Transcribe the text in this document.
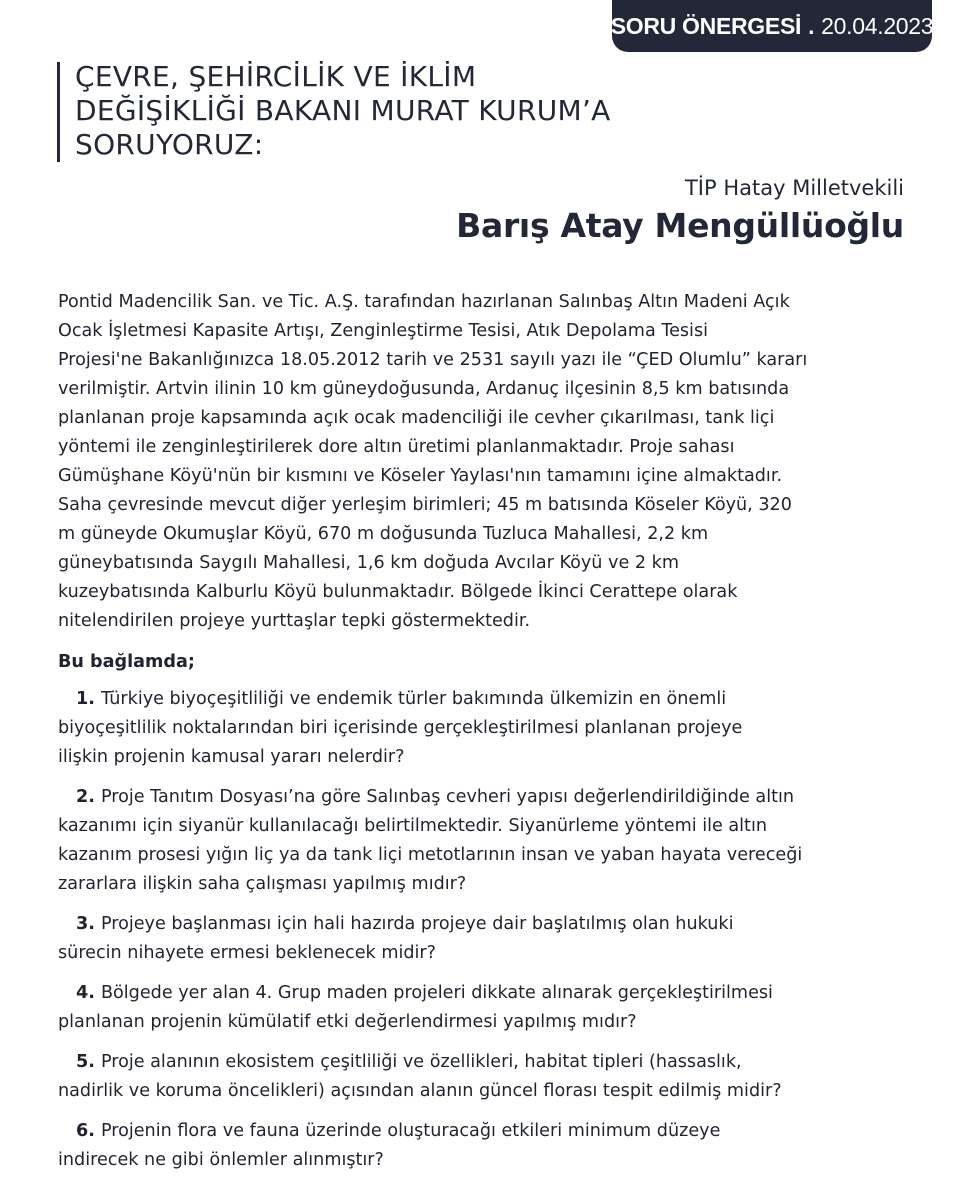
SORU ÖNERGESİ . 20.04.2023
ÇEVRE, ŞEHİRCİLİK VE İKLİM
DEĞİŞİKLİĞİ BAKANI MURAT KURUM’A
SORUYORUZ:
TİP Hatay Milletvekili
Barış Atay Mengüllüoğlu

Pontid Madencilik San. ve Tic. A.Ş. tarafından hazırlanan Salınbaş Altın Madeni Açık
Ocak İşletmesi Kapasite Artışı, Zenginleştirme Tesisi, Atık Depolama Tesisi
Projesi'ne Bakanlığınızca 18.05.2012 tarih ve 2531 sayılı yazı ile “ÇED Olumlu” kararı
verilmiştir. Artvin ilinin 10 km güneydoğusunda, Ardanuç ilçesinin 8,5 km batısında
planlanan proje kapsamında açık ocak madenciliği ile cevher çıkarılması, tank liçi
yöntemi ile zenginleştirilerek dore altın üretimi planlanmaktadır. Proje sahası
Gümüşhane Köyü'nün bir kısmını ve Köseler Yaylası'nın tamamını içine almaktadır.
Saha çevresinde mevcut diğer yerleşim birimleri; 45 m batısında Köseler Köyü, 320
m güneyde Okumuşlar Köyü, 670 m doğusunda Tuzluca Mahallesi, 2,2 km
güneybatısında Saygılı Mahallesi, 1,6 km doğuda Avcılar Köyü ve 2 km
kuzeybatısında Kalburlu Köyü bulunmaktadır. Bölgede İkinci Cerattepe olarak
nitelendirilen projeye yurttaşlar tepki göstermektedir.

Bu bağlamda;

1. Türkiye biyoçeşitliliği ve endemik türler bakımında ülkemizin en önemli
biyoçeşitlilik noktalarından biri içerisinde gerçekleştirilmesi planlanan projeye
ilişkin projenin kamusal yararı nelerdir?
2. Proje Tanıtım Dosyası’na göre Salınbaş cevheri yapısı değerlendirildiğinde altın
kazanımı için siyanür kullanılacağı belirtilmektedir. Siyanürleme yöntemi ile altın
kazanım prosesi yığın liç ya da tank liçi metotlarının insan ve yaban hayata vereceği
zararlara ilişkin saha çalışması yapılmış mıdır?
3. Projeye başlanması için hali hazırda projeye dair başlatılmış olan hukuki
sürecin nihayete ermesi beklenecek midir?
4. Bölgede yer alan 4. Grup maden projeleri dikkate alınarak gerçekleştirilmesi
planlanan projenin kümülatif etki değerlendirmesi yapılmış mıdır?
5. Proje alanının ekosistem çeşitliliği ve özellikleri, habitat tipleri (hassaslık,
nadirlik ve koruma öncelikleri) açısından alanın güncel florası tespit edilmiş midir?
6. Projenin flora ve fauna üzerinde oluşturacağı etkileri minimum düzeye
indirecek ne gibi önlemler alınmıştır?
